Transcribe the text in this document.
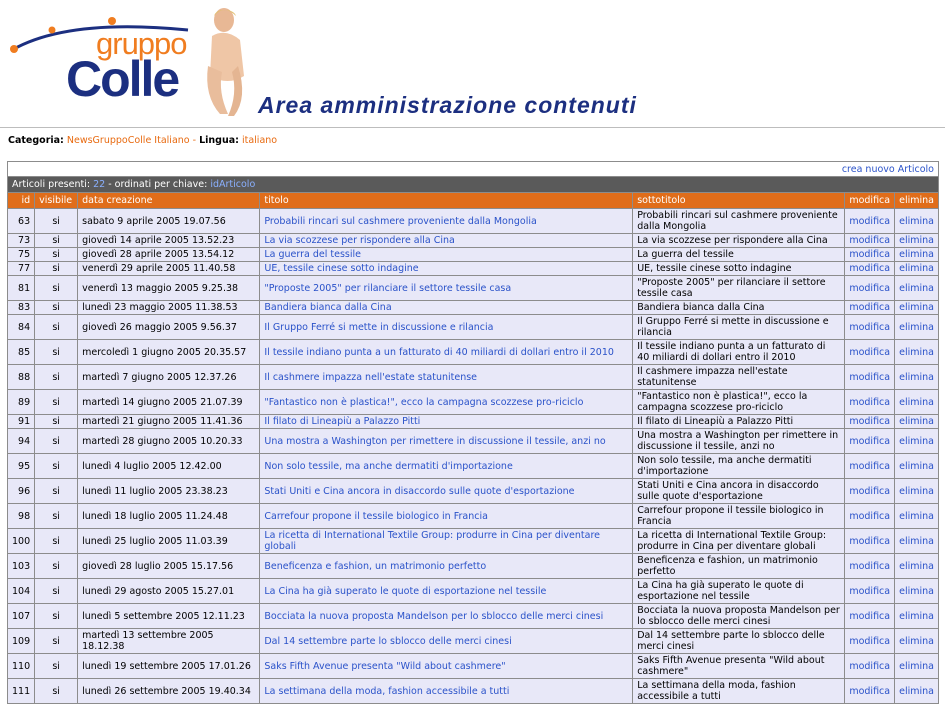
gruppo
Colle	Area amministrazione contenuti
Categoria: NewsGruppoColle Italiano - Lingua: italiano
crea nuovo Articolo						
Articoli presenti: 22 - ordinati per chiave: idArticolo						
id	visibile	data creazione	titolo	sottotitolo	modifica	elimina
63	si	sabato 9 aprile 2005 19.07.56	Probabili rincari sul cashmere proveniente dalla Mongolia	Probabili rincari sul cashmere proveniente dalla Mongolia	modifica	elimina
73	si	giovedì 14 aprile 2005 13.52.23	La via scozzese per rispondere alla Cina	La via scozzese per rispondere alla Cina	modifica	elimina
75	si	giovedì 28 aprile 2005 13.54.12	La guerra del tessile	La guerra del tessile	modifica	elimina
77	si	venerdì 29 aprile 2005 11.40.58	UE, tessile cinese sotto indagine	UE, tessile cinese sotto indagine	modifica	elimina
81	si	venerdì 13 maggio 2005 9.25.38	"Proposte 2005" per rilanciare il settore tessile casa	"Proposte 2005" per rilanciare il settore tessile casa	modifica	elimina
83	si	lunedì 23 maggio 2005 11.38.53	Bandiera bianca dalla Cina	Bandiera bianca dalla Cina	modifica	elimina
84	si	giovedì 26 maggio 2005 9.56.37	Il Gruppo Ferré si mette in discussione e rilancia	Il Gruppo Ferré si mette in discussione e rilancia	modifica	elimina
85	si	mercoledì 1 giugno 2005 20.35.57	Il tessile indiano punta a un fatturato di 40 miliardi di dollari entro il 2010	Il tessile indiano punta a un fatturato di 40 miliardi di dollari entro il 2010	modifica	elimina
88	si	martedì 7 giugno 2005 12.37.26	Il cashmere impazza nell'estate statunitense	Il cashmere impazza nell'estate statunitense	modifica	elimina
89	si	martedì 14 giugno 2005 21.07.39	"Fantastico non è plastica!", ecco la campagna scozzese pro-riciclo	"Fantastico non è plastica!", ecco la campagna scozzese pro-riciclo	modifica	elimina
91	si	martedì 21 giugno 2005 11.41.36	Il filato di Lineapiù a Palazzo Pitti	Il filato di Lineapiù a Palazzo Pitti	modifica	elimina
94	si	martedì 28 giugno 2005 10.20.33	Una mostra a Washington per rimettere in discussione il tessile, anzi no	Una mostra a Washington per rimettere in discussione il tessile, anzi no	modifica	elimina
95	si	lunedì 4 luglio 2005 12.42.00	Non solo tessile, ma anche dermatiti d'importazione	Non solo tessile, ma anche dermatiti d'importazione	modifica	elimina
96	si	lunedì 11 luglio 2005 23.38.23	Stati Uniti e Cina ancora in disaccordo sulle quote d'esportazione	Stati Uniti e Cina ancora in disaccordo sulle quote d'esportazione	modifica	elimina
98	si	lunedì 18 luglio 2005 11.24.48	Carrefour propone il tessile biologico in Francia	Carrefour propone il tessile biologico in Francia	modifica	elimina
100	si	lunedì 25 luglio 2005 11.03.39	La ricetta di International Textile Group: produrre in Cina per diventare globali	La ricetta di International Textile Group: produrre in Cina per diventare globali	modifica	elimina
103	si	giovedì 28 luglio 2005 15.17.56	Beneficenza e fashion, un matrimonio perfetto	Beneficenza e fashion, un matrimonio perfetto	modifica	elimina
104	si	lunedì 29 agosto 2005 15.27.01	La Cina ha già superato le quote di esportazione nel tessile	La Cina ha già superato le quote di esportazione nel tessile	modifica	elimina
107	si	lunedì 5 settembre 2005 12.11.23	Bocciata la nuova proposta Mandelson per lo sblocco delle merci cinesi	Bocciata la nuova proposta Mandelson per lo sblocco delle merci cinesi	modifica	elimina
109	si	martedì 13 settembre 2005 18.12.38	Dal 14 settembre parte lo sblocco delle merci cinesi	Dal 14 settembre parte lo sblocco delle merci cinesi	modifica	elimina
110	si	lunedì 19 settembre 2005 17.01.26	Saks Fifth Avenue presenta "Wild about cashmere"	Saks Fifth Avenue presenta "Wild about cashmere"	modifica	elimina
111	si	lunedì 26 settembre 2005 19.40.34	La settimana della moda, fashion accessibile a tutti	La settimana della moda, fashion accessibile a tutti	modifica	elimina
